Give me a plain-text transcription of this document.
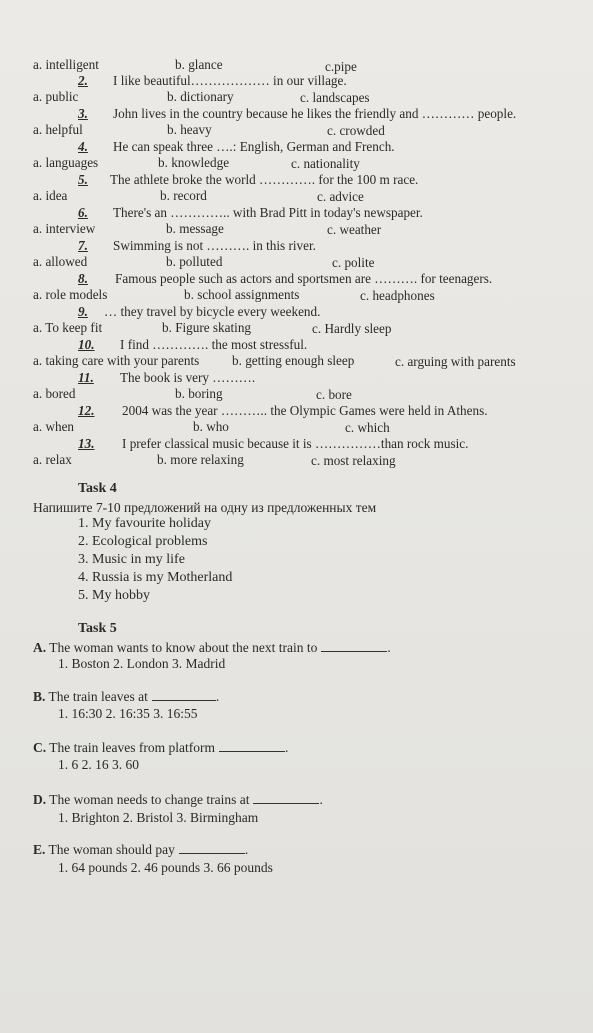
a. intelligent	b. glance	c.pipe
2. I like beautiful……………… in our village.
a. public	b. dictionary	c. landscapes
3. John lives in the country because he likes the friendly and ………… people.
a. helpful	b. heavy	c. crowded
4. He can speak three ….: English, German and French.
a. languages	b. knowledge	c. nationality
5. The athlete broke the world …………. for the 100 m race.
a. idea	b. record	c. advice
6. There's an ………….. with Brad Pitt in today's newspaper.
a. interview	b. message	c. weather
7. Swimming is not ………. in this river.
a. allowed	b. polluted	c. polite
8. Famous people such as actors and sportsmen are ………. for teenagers.
a. role models	b. school assignments	c. headphones
9. … they travel by bicycle every weekend.
a. To keep fit	b. Figure skating	c. Hardly sleep
10. I find …………. the most stressful.
a. taking care with your parents b. getting enough sleep	c. arguing with parents
11. The book is very ……….
a. bored	b. boring	c. bore
12. 2004 was the year ……….. the Olympic Games were held in Athens.
a. when	b. who	c. which
13. I prefer classical music because it is ……………than rock music.
a. relax	b. more relaxing	c. most relaxing
Task 4
Напишите 7-10 предложений на одну из предложенных тем
1. My favourite holiday
2. Ecological problems
3. Music in my life
4. Russia is my Motherland
5. My hobby
Task 5
A. The woman wants to know about the next train to	.
1. Boston 2. London 3. Madrid
B. The train leaves at	.
1. 16:30 2. 16:35 3. 16:55
C. The train leaves from platform	.
1. 6 2. 16 3. 60
D. The woman needs to change trains at	.
1. Brighton 2. Bristol 3. Birmingham
E. The woman should pay	.
1. 64 pounds 2. 46 pounds 3. 66 pounds
